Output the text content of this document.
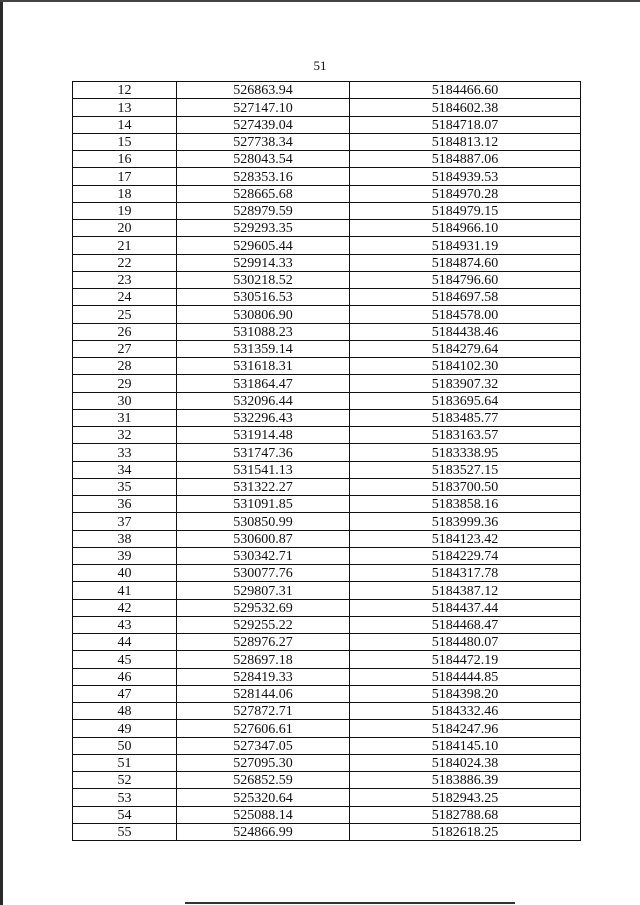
51
12	526863.94	5184466.60
13	527147.10	5184602.38
14	527439.04	5184718.07
15	527738.34	5184813.12
16	528043.54	5184887.06
17	528353.16	5184939.53
18	528665.68	5184970.28
19	528979.59	5184979.15
20	529293.35	5184966.10
21	529605.44	5184931.19
22	529914.33	5184874.60
23	530218.52	5184796.60
24	530516.53	5184697.58
25	530806.90	5184578.00
26	531088.23	5184438.46
27	531359.14	5184279.64
28	531618.31	5184102.30
29	531864.47	5183907.32
30	532096.44	5183695.64
31	532296.43	5183485.77
32	531914.48	5183163.57
33	531747.36	5183338.95
34	531541.13	5183527.15
35	531322.27	5183700.50
36	531091.85	5183858.16
37	530850.99	5183999.36
38	530600.87	5184123.42
39	530342.71	5184229.74
40	530077.76	5184317.78
41	529807.31	5184387.12
42	529532.69	5184437.44
43	529255.22	5184468.47
44	528976.27	5184480.07
45	528697.18	5184472.19
46	528419.33	5184444.85
47	528144.06	5184398.20
48	527872.71	5184332.46
49	527606.61	5184247.96
50	527347.05	5184145.10
51	527095.30	5184024.38
52	526852.59	5183886.39
53	525320.64	5182943.25
54	525088.14	5182788.68
55	524866.99	5182618.25
